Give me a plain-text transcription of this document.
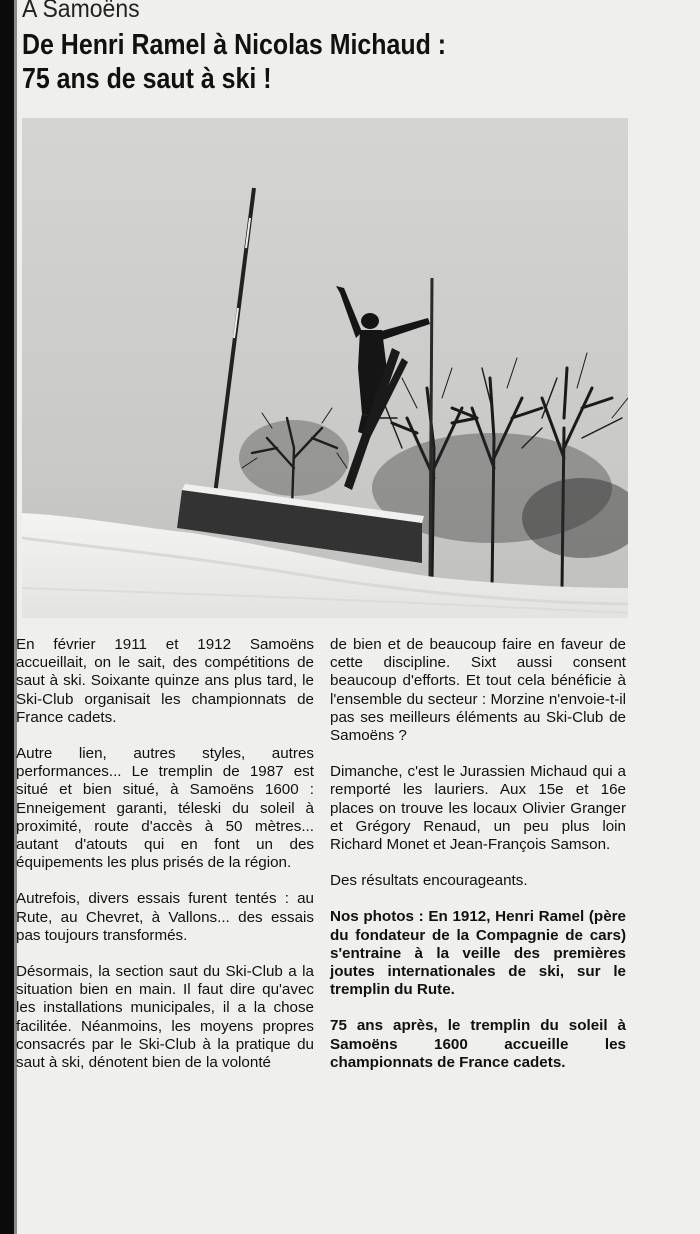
A Samoëns
De Henri Ramel à Nicolas Michaud :
75 ans de saut à ski !

En février 1911 et 1912 Samoëns accueillait, on le sait, des compétitions de saut à ski. Soixante quinze ans plus tard, le Ski-Club organisait les championnats de France cadets.

Autre lien, autres styles, autres performances... Le tremplin de 1987 est situé et bien situé, à Samoëns 1600 : Enneigement garanti, téleski du soleil à proximité, route d'accès à 50 mètres... autant d'atouts qui en font un des équipements les plus prisés de la région.

Autrefois, divers essais furent tentés : au Rute, au Chevret, à Vallons... des essais pas toujours transformés.

Désormais, la section saut du Ski-Club a la situation bien en main. Il faut dire qu'avec les installations municipales, il a la chose facilitée. Néanmoins, les moyens propres consacrés par le Ski-Club à la pratique du saut à ski, dénotent bien de la volonté

de bien et de beaucoup faire en faveur de cette discipline. Sixt aussi consent beaucoup d'efforts. Et tout cela bénéficie à l'ensemble du secteur : Morzine n'envoie-t-il pas ses meilleurs éléments au Ski-Club de Samoëns ?

Dimanche, c'est le Jurassien Michaud qui a remporté les lauriers. Aux 15e et 16e places on trouve les locaux Olivier Granger et Grégory Renaud, un peu plus loin Richard Monet et Jean-François Samson.

Des résultats encourageants.

Nos photos : En 1912, Henri Ramel (père du fondateur de la Compagnie de cars) s'entraine à la veille des premières joutes internationales de ski, sur le tremplin du Rute.

75 ans après, le tremplin du soleil à Samoëns 1600 accueille les championnats de France cadets.
